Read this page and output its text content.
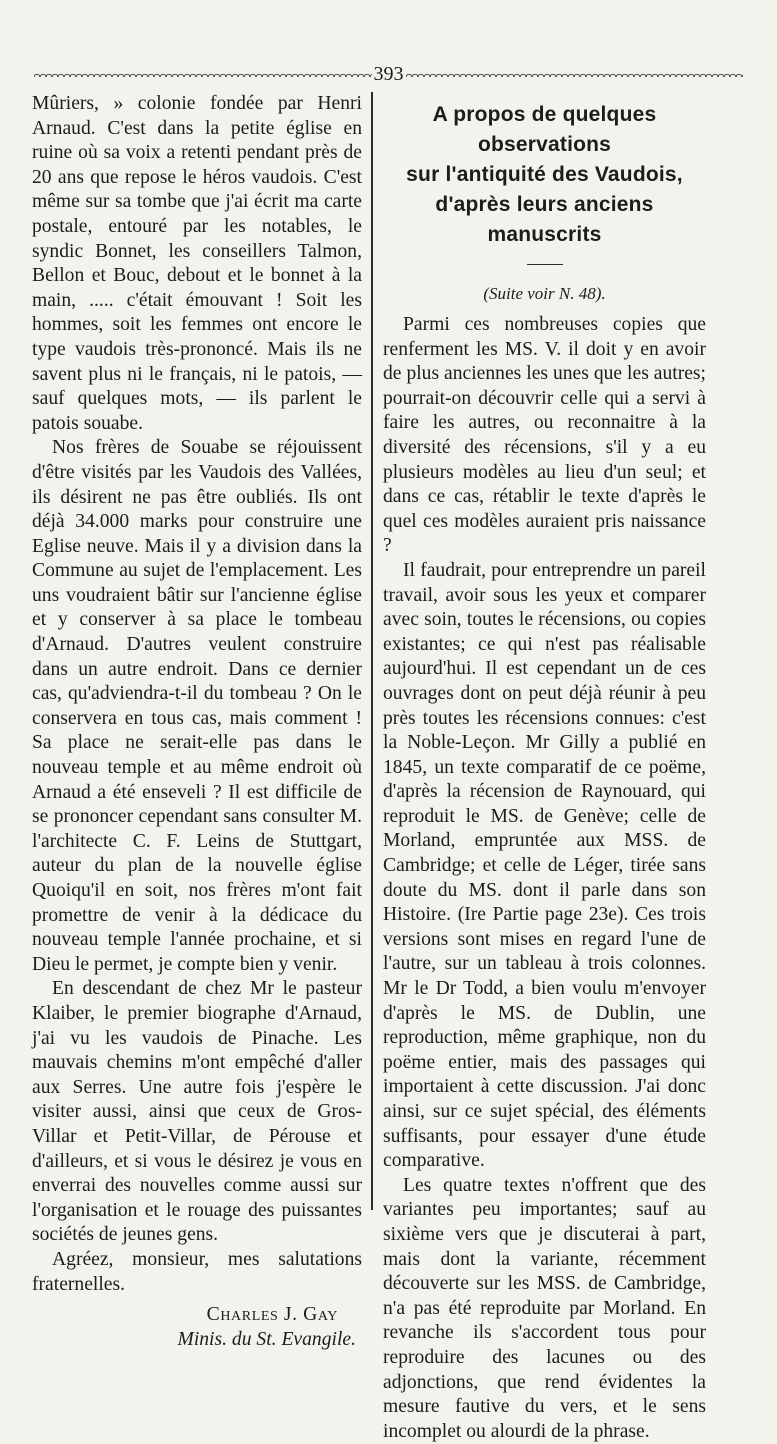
393

Mûriers, » colonie fondée par Henri Arnaud. C'est dans la petite église en ruine où sa voix a retenti pendant près de 20 ans que repose le héros vaudois. C'est même sur sa tombe que j'ai écrit ma carte postale, entouré par les notables, le syndic Bonnet, les conseillers Talmon, Bellon et Bouc, debout et le bonnet à la main, ..... c'était émouvant ! Soit les hommes, soit les femmes ont encore le type vaudois très-prononcé. Mais ils ne savent plus ni le français, ni le patois, — sauf quelques mots, — ils parlent le patois souabe.

Nos frères de Souabe se réjouissent d'être visités par les Vaudois des Vallées, ils désirent ne pas être oubliés. Ils ont déjà 34.000 marks pour construire une Eglise neuve. Mais il y a division dans la Commune au sujet de l'emplacement. Les uns voudraient bâtir sur l'ancienne église et y conserver à sa place le tombeau d'Arnaud. D'autres veulent construire dans un autre endroit. Dans ce dernier cas, qu'adviendra-t-il du tombeau ? On le conservera en tous cas, mais comment ! Sa place ne serait-elle pas dans le nouveau temple et au même endroit où Arnaud a été enseveli ? Il est difficile de se prononcer cependant sans consulter M. l'architecte C. F. Leins de Stuttgart, auteur du plan de la nouvelle église Quoiqu'il en soit, nos frères m'ont fait promettre de venir à la dédicace du nouveau temple l'année prochaine, et si Dieu le permet, je compte bien y venir.

En descendant de chez Mr le pasteur Klaiber, le premier biographe d'Arnaud, j'ai vu les vaudois de Pinache. Les mauvais chemins m'ont empêché d'aller aux Serres. Une autre fois j'espère le visiter aussi, ainsi que ceux de Gros-Villar et Petit-Villar, de Pérouse et d'ailleurs, et si vous le désirez je vous en enverrai des nouvelles comme aussi sur l'organisation et le rouage des puissantes sociétés de jeunes gens.

Agréez, monsieur, mes salutations fraternelles.

Charles J. Gay
Minis. du St. Evangile.
A propos de quelques observations
sur l'antiquité des Vaudois,
d'après leurs anciens manuscrits
(Suite voir N. 48).

Parmi ces nombreuses copies que renferment les MS. V. il doit y en avoir de plus anciennes les unes que les autres; pourrait-on découvrir celle qui a servi à faire les autres, ou reconnaitre à la diversité des récensions, s'il y a eu plusieurs modèles au lieu d'un seul; et dans ce cas, rétablir le texte d'après le quel ces modèles auraient pris naissance ?

Il faudrait, pour entreprendre un pareil travail, avoir sous les yeux et comparer avec soin, toutes le récensions, ou copies existantes; ce qui n'est pas réalisable aujourd'hui. Il est cependant un de ces ouvrages dont on peut déjà réunir à peu près toutes les récensions connues: c'est la Noble-Leçon. Mr Gilly a publié en 1845, un texte comparatif de ce poëme, d'après la récension de Raynouard, qui reproduit le MS. de Genève; celle de Morland, empruntée aux MSS. de Cambridge; et celle de Léger, tirée sans doute du MS. dont il parle dans son Histoire. (Ire Partie page 23e). Ces trois versions sont mises en regard l'une de l'autre, sur un tableau à trois colonnes. Mr le Dr Todd, a bien voulu m'envoyer d'après le MS. de Dublin, une reproduction, même graphique, non du poëme entier, mais des passages qui importaient à cette discussion. J'ai donc ainsi, sur ce sujet spécial, des éléments suffisants, pour essayer d'une étude comparative.

Les quatre textes n'offrent que des variantes peu importantes; sauf au sixième vers que je discuterai à part, mais dont la variante, récemment découverte sur les MSS. de Cambridge, n'a pas été reproduite par Morland. En revanche ils s'accordent tous pour reproduire des lacunes ou des adjonctions, que rend évidentes la mesure fautive du vers, et le sens incomplet ou alourdi de la phrase.
